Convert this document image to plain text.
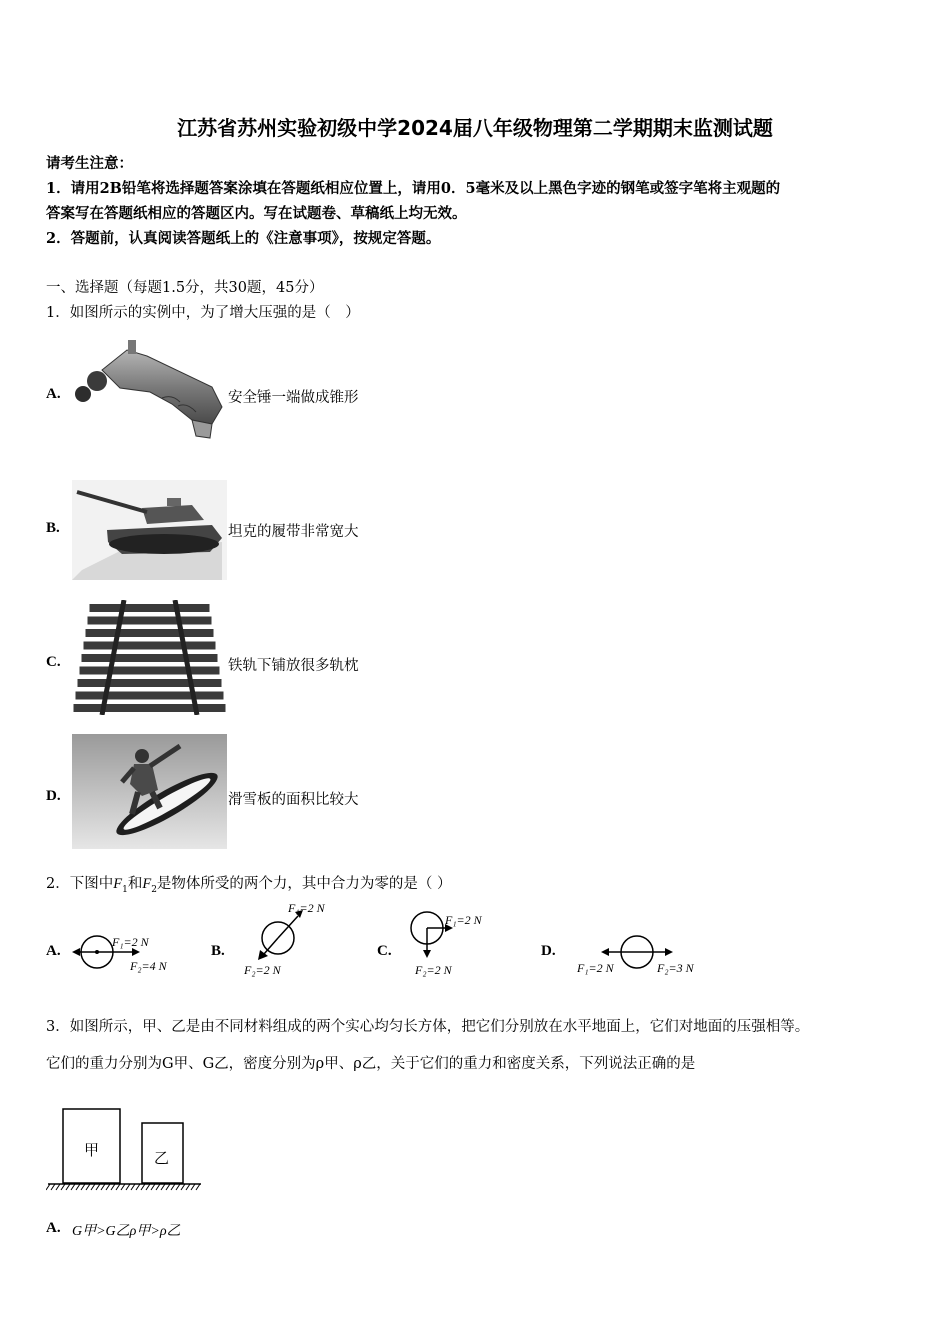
江苏省苏州实验初级中学2024届八年级物理第二学期期末监测试题
请考生注意：
1．请用2B铅笔将选择题答案涂填在答题纸相应位置上，请用0．5毫米及以上黑色字迹的钢笔或签字笔将主观题的
答案写在答题纸相应的答题区内。写在试题卷、草稿纸上均无效。
2．答题前，认真阅读答题纸上的《注意事项》，按规定答题。
一、选择题（每题1.5分，共30题，45分）
1．如图所示的实例中，为了增大压强的是（　）
A.	安全锤一端做成锥形
B.	坦克的履带非常宽大
C.	铁轨下铺放很多轨枕
D.	滑雪板的面积比较大
2．下图中$F_1$和$F_2$是物体所受的两个力，其中合力为零的是（ ）
A.
F₁=2 N
F₂=4 N
B.
F₁=2 N
F₂=2 N
C.
F₁=2 N
F₂=2 N
D.
F₁=2 N	F₂=3 N
3．如图所示，甲、乙是由不同材料组成的两个实心均匀长方体，把它们分别放在水平地面上，它们对地面的压强相等。
它们的重力分别为G甲、G乙，密度分别为ρ甲、ρ乙，关于它们的重力和密度关系，下列说法正确的是
甲	乙
A. G甲>G乙ρ甲>ρ乙
